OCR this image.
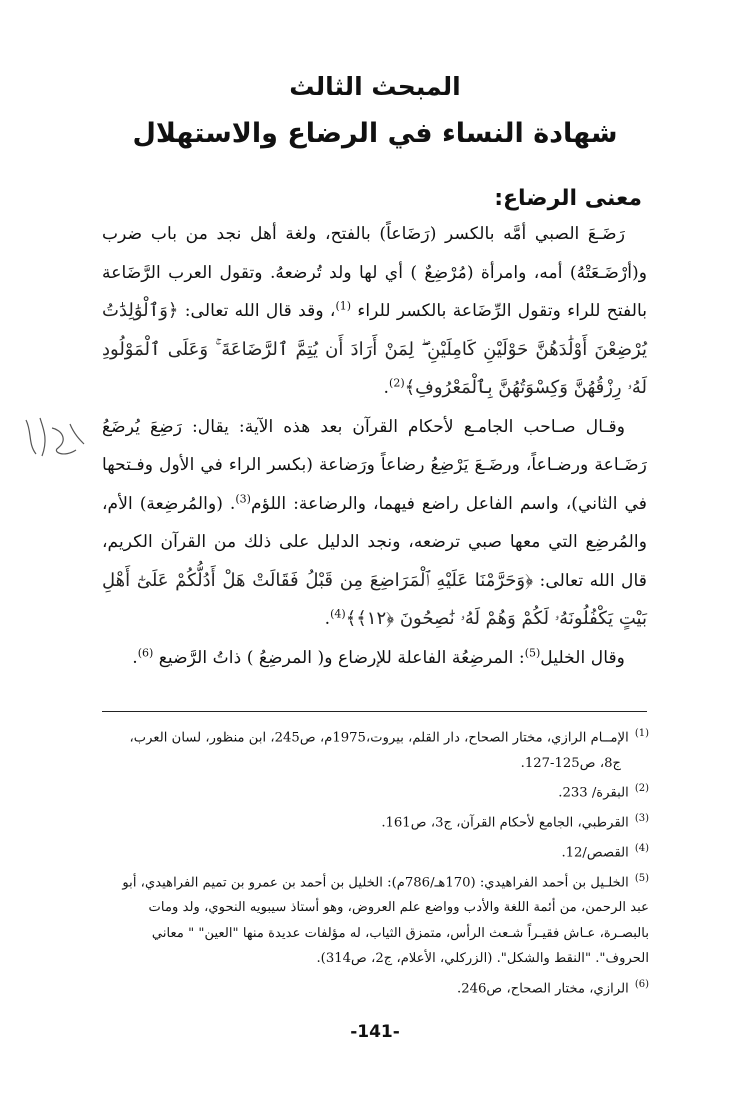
المبحث الثالث
شهادة النساء في الرضاع والاستهلال
معنى الرضاع:

رَضَـعَ الصبي أمَّه بالكسر (رَضَاعاً) بالفتح، ولغة أهل نجد من باب ضرب و(أرْضَـعَتْهُ) أمه، وامرأة (مُرْضِعٌ ) أي لها ولد تُرضعهُ. وتقول العرب الرَّضَاعة بالفتح للراء وتقول الرِّضَاعة بالكسر للراء $^{(1)}$، وقد قال الله تعالى: ﴿وَٱلْوَٰلِدَٰتُ يُرْضِعْنَ أَوْلَٰدَهُنَّ حَوْلَيْنِ كَامِلَيْنِ ۖ لِمَنْ أَرَادَ أَن يُتِمَّ ٱلرَّضَاعَةَ ۚ وَعَلَى ٱلْمَوْلُودِ لَهُۥ رِزْقُهُنَّ وَكِسْوَتُهُنَّ بِٱلْمَعْرُوفِ﴾$^{(2)}$.

وقـال صـاحب الجامـع لأحكام القرآن بعد هذه الآية: يقال: رَضِعَ يُرضَعُ رَضَـاعة ورضـاعاً، ورضَـعَ يَرْضِعُ رضاعاً ورَضاعة (بكسر الراء في الأول وفـتحها في الثاني)، واسم الفاعل راضع فيهما، والرضاعة: اللؤم$^{(3)}$. (والمُرضِعة) الأم، والمُرضِع التي معها صبي ترضعه، ونجد الدليل على ذلك من القرآن الكريم، قال الله تعالى: ﴿وَحَرَّمْنَا عَلَيْهِ ٱلْمَرَاضِعَ مِن قَبْلُ فَقَالَتْ هَلْ أَدُلُّكُمْ عَلَىٰٓ أَهْلِ بَيْتٍ يَكْفُلُونَهُۥ لَكُمْ وَهُمْ لَهُۥ نَٰصِحُونَ ﴿١٢﴾﴾$^{(4)}$.

وقال الخليل$^{(5)}$: المرضِعُة الفاعلة للإرضاع و( المرضِعُ ) ذاتُ الرَّضيع $^{(6)}$.

$^{(1)}$الإمــام الرازي، مختار الصحاح، دار القلم، بيروت،1975م، ص245، ابن منظور، لسان العرب،

ج8، ص125-127.

$^{(2)}$البقرة/ 233.

$^{(3)}$القرطبي، الجامع لأحكام القرآن، ج3، ص161.

$^{(4)}$القصص/12.

$^{(5)}$الخلـيل بن أحمد الفراهيدي: (170هـ/786م): الخليل بن أحمد بن عمرو بن تميم الفراهيدي، أبو

عبد الرحمن، من أئمة اللغة والأدب وواضع علم العروض، وهو أستاذ سيبويه النحوي، ولد ومات

بالبصـرة، عـاش فقيـراً شـعث الرأس، متمزق الثياب، له مؤلفات عديدة منها "العين" " معاني

الحروف". "النقط والشكل". (الزركلي، الأعلام، ج2، ص314).

$^{(6)}$الرازي، مختار الصحاح، ص246.

-141-
